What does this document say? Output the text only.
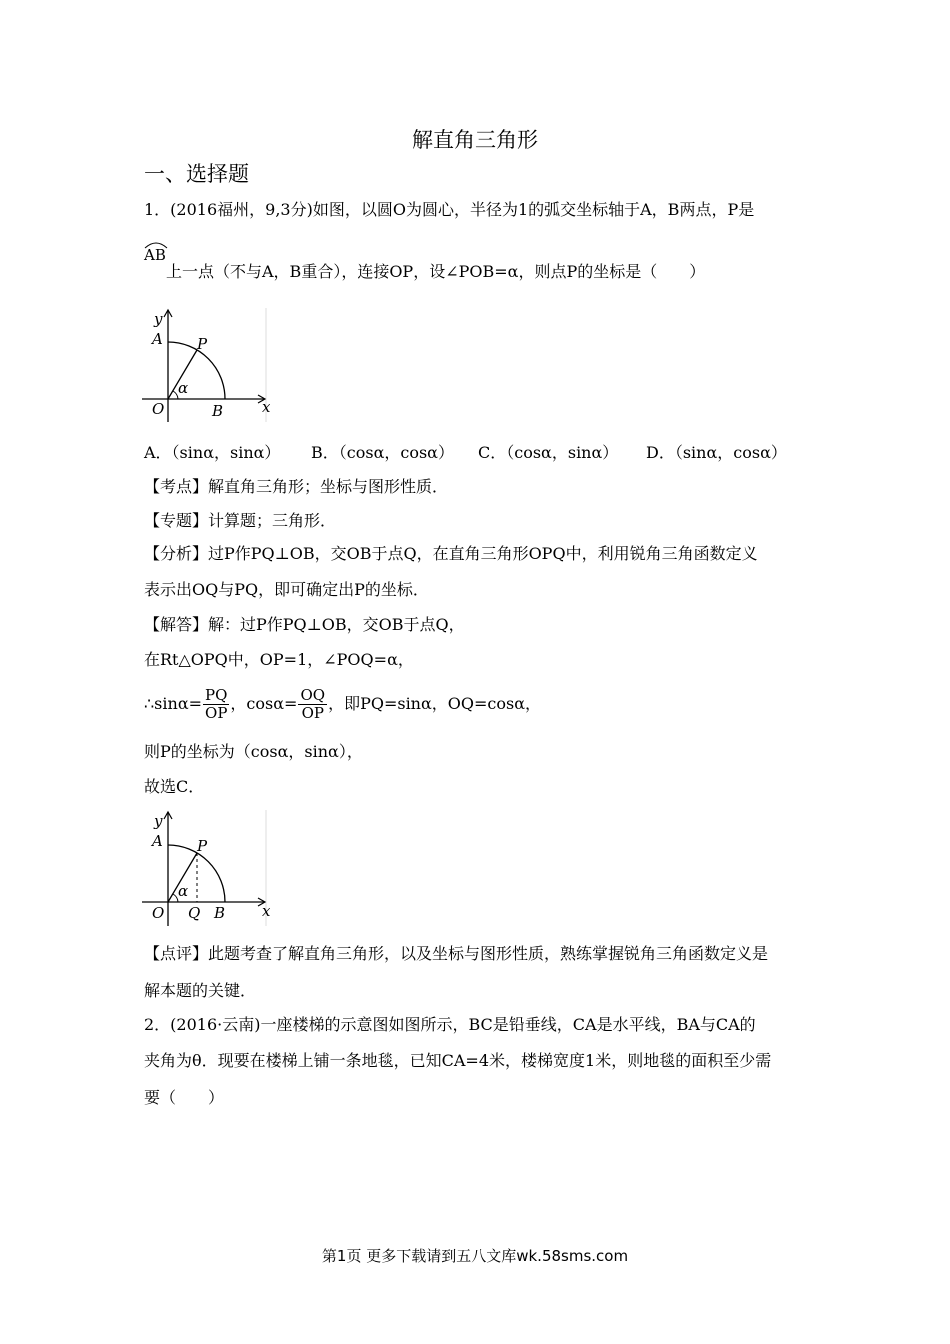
解直角三角形
一、选择题
1．(2016福州，9,3分)如图，以圆O为圆心，半径为1的弧交坐标轴于A，B两点，P是
AB
上一点（不与A，B重合），连接OP，设∠POB=α，则点P的坐标是（　　）
y
x
O
A
B
P
α
A．（sinα，sinα） B．（cosα，cosα） C．（cosα，sinα） D．（sinα，cosα）
【考点】解直角三角形；坐标与图形性质．
【专题】计算题；三角形．
【分析】过P作PQ⊥OB，交OB于点Q，在直角三角形OPQ中，利用锐角三角函数定义
表示出OQ与PQ，即可确定出P的坐标．
【解答】解：过P作PQ⊥OB，交OB于点Q，
在Rt△OPQ中，OP=1，∠POQ=α，
∴sinα= $\frac{PQ}{OP}$ ，$\cos\alpha= \frac{OQ}{OP}$ ，即PQ=sinα，OQ=cosα，
则P的坐标为（cosα，sinα），
故选C．
y
x
O
A
B
Q
P
α
【点评】此题考查了解直角三角形，以及坐标与图形性质，熟练掌握锐角三角函数定义是
解本题的关键．
2．(2016·云南)一座楼梯的示意图如图所示，BC是铅垂线，CA是水平线，BA与CA的
夹角为θ．现要在楼梯上铺一条地毯，已知CA=4米，楼梯宽度1米，则地毯的面积至少需
要（　　）
第1页 更多下载请到五八文库wk.58sms.com
